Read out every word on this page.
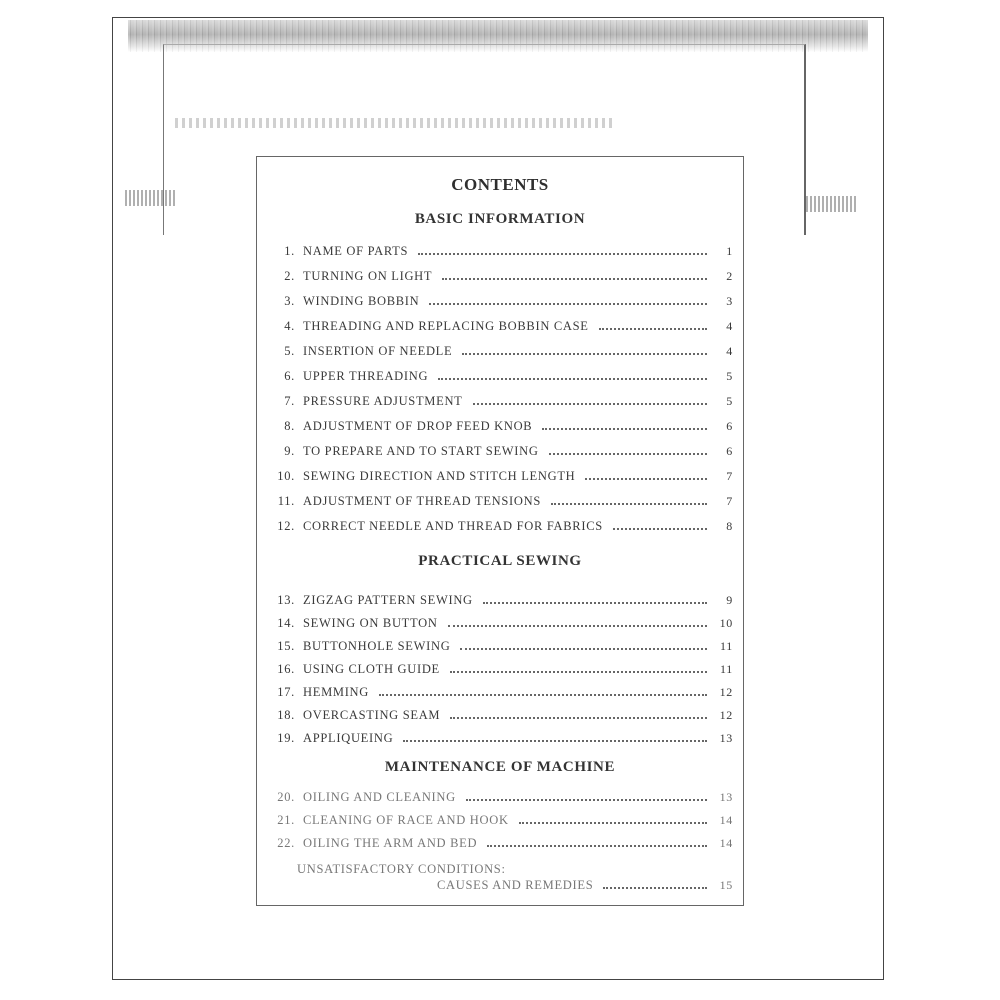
CONTENTS
BASIC INFORMATION
1. NAME OF PARTS	1
2. TURNING ON LIGHT	2
3. WINDING BOBBIN	3
4. THREADING AND REPLACING BOBBIN CASE	4
5. INSERTION OF NEEDLE	4
6. UPPER THREADING	5
7. PRESSURE ADJUSTMENT	5
8. ADJUSTMENT OF DROP FEED KNOB	6
9. TO PREPARE AND TO START SEWING	6
10. SEWING DIRECTION AND STITCH LENGTH	7
11. ADJUSTMENT OF THREAD TENSIONS	7
12. CORRECT NEEDLE AND THREAD FOR FABRICS	8
PRACTICAL SEWING
13. ZIGZAG PATTERN SEWING	9
14. SEWING ON BUTTON	10
15. BUTTONHOLE SEWING	11
16. USING CLOTH GUIDE	11
17. HEMMING	12
18. OVERCASTING SEAM	12
19. APPLIQUEING	13
MAINTENANCE OF MACHINE
20. OILING AND CLEANING	13
21. CLEANING OF RACE AND HOOK	14
22. OILING THE ARM AND BED	14
UNSATISFACTORY CONDITIONS:
CAUSES AND REMEDIES	15
